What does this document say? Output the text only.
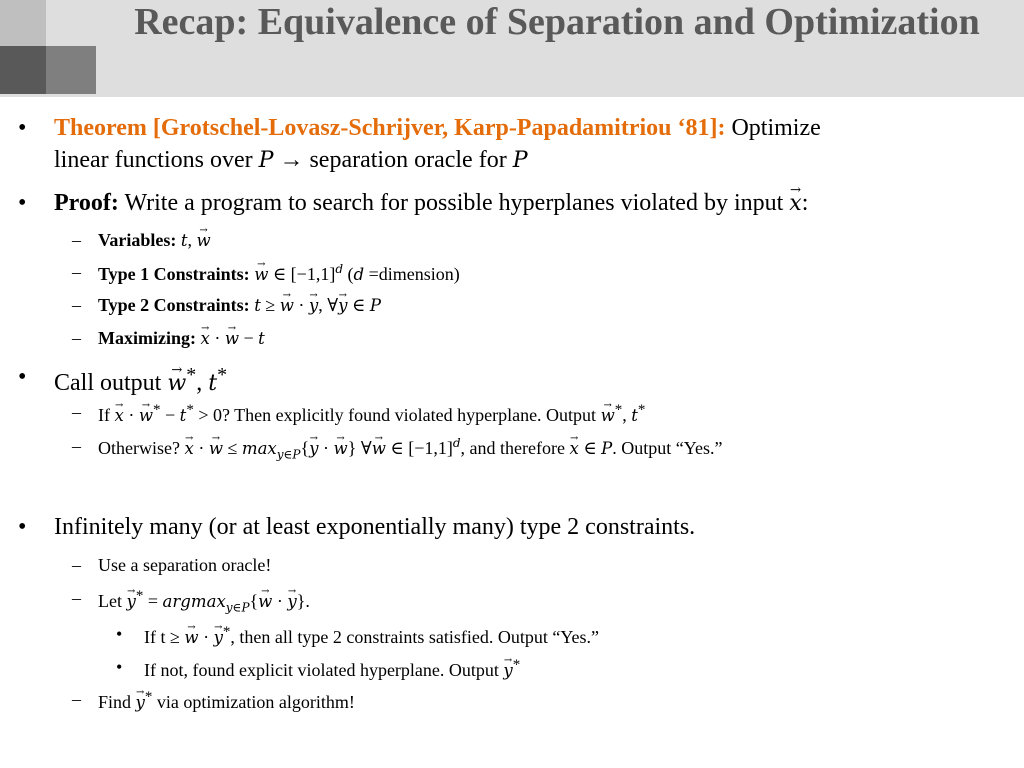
Recap: Equivalence of Separation and Optimization
• Theorem [Grotschel-Lovasz-Schrijver, Karp-Papadamitriou ‘81]: Optimize
linear functions over P → separation oracle for P
• Proof: Write a program to search for possible hyperplanes violated by input → x:
– Variables: t, → w
– Type 1 Constraints: → w ∈ $[-1,1]^d$ (d =dimension)
– Type 2 Constraints: t ≥ → w · → y, ∀→ y ∈ P
– Maximizing: → x · → w − t
• Call output → w*, t*
– If → x · → w* − t* > 0? Then explicitly found violated hyperplane. Output → w*, t*
– Otherwise? → x · → $w \le \max_{y\in P}\{\to y$ · → w} ∀→ w ∈ $[-1,1]^d$, and therefore → x ∈ P. Output “Yes.”
• Infinitely many (or at least exponentially many) type 2 constraints.
– Use a separation oracle!
– Let → y* = argmax$_{y\in P}${→ w · → y}.
• If t ≥ → w · → y*, then all type 2 constraints satisfied. Output “Yes.”
• If not, found explicit violated hyperplane. Output → y*
– Find → y* via optimization algorithm!
